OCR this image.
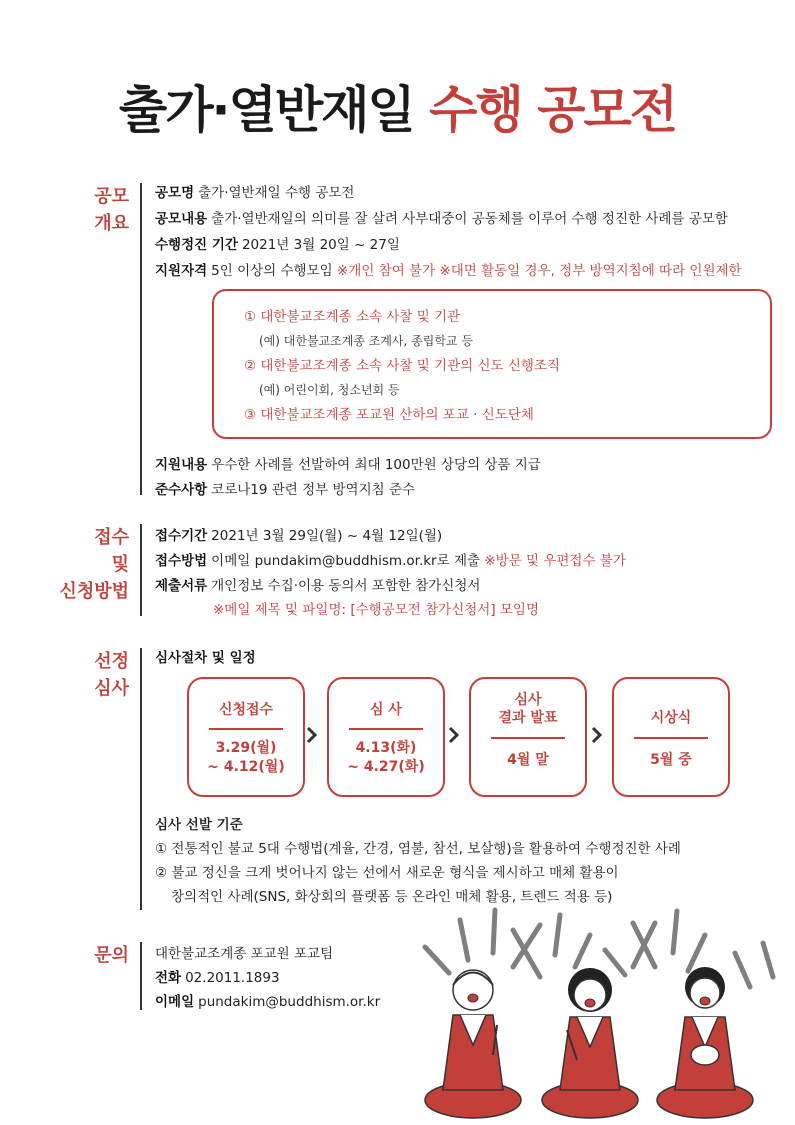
출가·열반재일 수행 공모전
공모
개요
공모명 출가·열반재일 수행 공모전
공모내용 출가·열반재일의 의미를 잘 살려 사부대중이 공동체를 이루어 수행 정진한 사례를 공모함
수행정진 기간 2021년 3월 20일 ~ 27일
지원자격 5인 이상의 수행모임 ※개인 참여 불가 ※대면 활동일 경우, 정부 방역지침에 따라 인원제한
① 대한불교조계종 소속 사찰 및 기관
(예) 대한불교조계종 조계사, 종립학교 등
② 대한불교조계종 소속 사찰 및 기관의 신도 신행조직
(예) 어린이회, 청소년회 등
③ 대한불교조계종 포교원 산하의 포교 · 신도단체
지원내용 우수한 사례를 선발하여 최대 100만원 상당의 상품 지급
준수사항 코로나19 관련 정부 방역지침 준수
접수
및
신청방법
접수기간 2021년 3월 29일(월) ~ 4월 12일(월)
접수방법 이메일 pundakim@buddhism.or.kr로 제출 ※방문 및 우편접수 불가
제출서류 개인정보 수집·이용 동의서 포함한 참가신청서
※메일 제목 및 파일명: [수행공모전 참가신청서] 모임명
선정
심사
심사절차 및 일정
신청접수
3.29(월)
~ 4.12(월)
심 사
4.13(화)
~ 4.27(화)
심사
결과 발표
4월 말
시상식
5월 중
심사 선발 기준
① 전통적인 불교 5대 수행법(계율, 간경, 염불, 참선, 보살행)을 활용하여 수행정진한 사례
② 불교 정신을 크게 벗어나지 않는 선에서 새로운 형식을 제시하고 매체 활용이
창의적인 사례(SNS, 화상회의 플랫폼 등 온라인 매체 활용, 트렌드 적용 등)
문의 대한불교조계종 포교원 포교팀
전화 02.2011.1893
이메일 pundakim@buddhism.or.kr
